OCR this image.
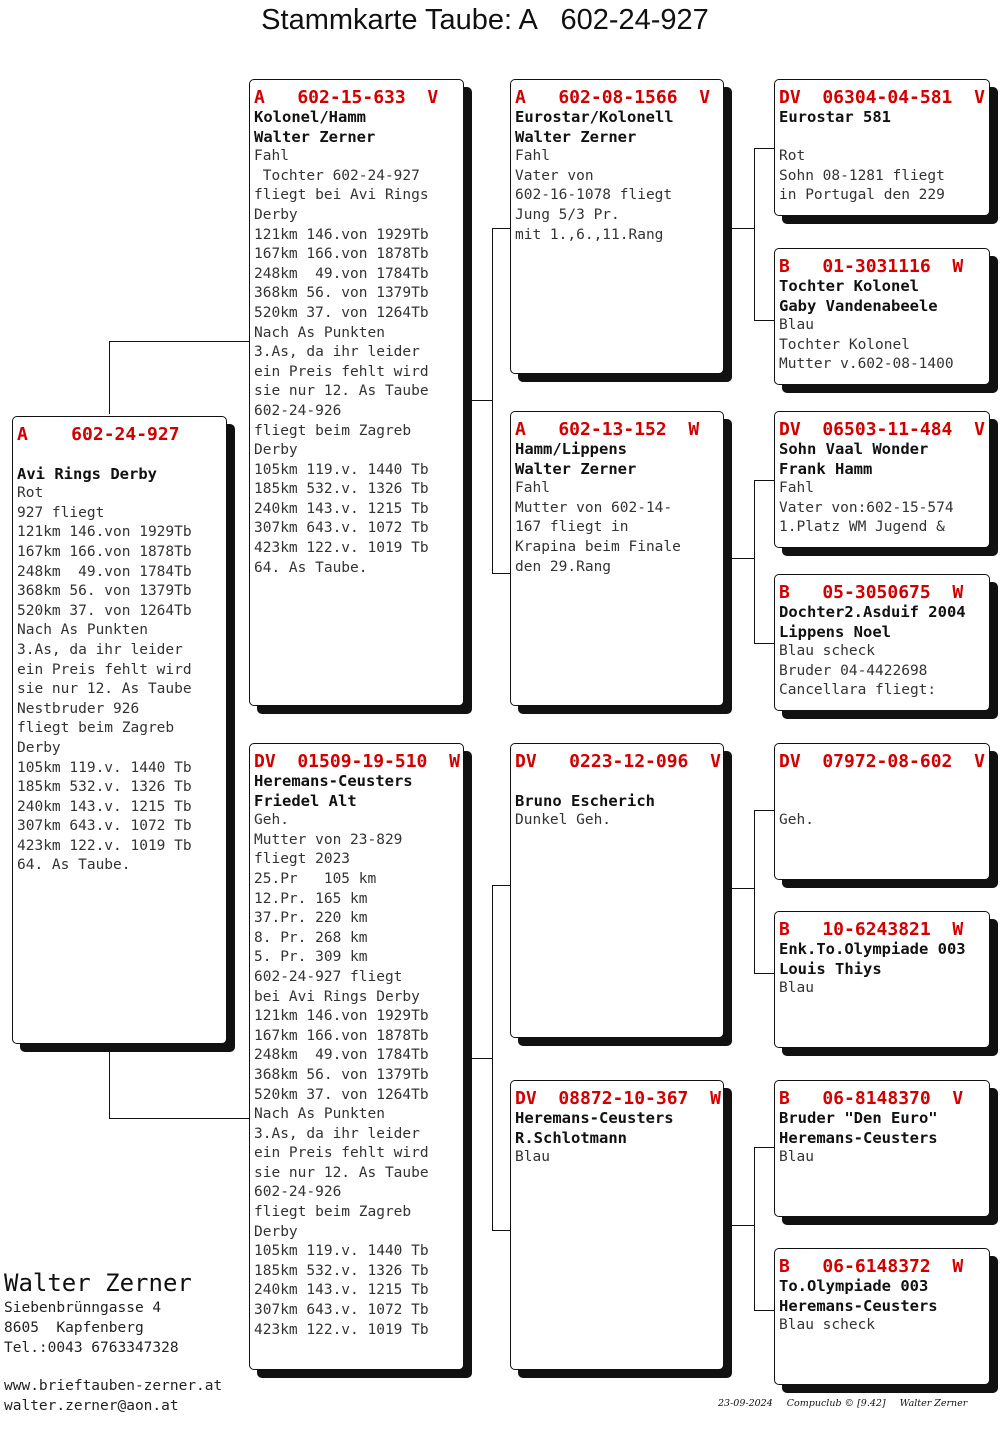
Stammkarte Taube: A   602-24-927
A    602-24-927

Avi Rings Derby
Rot
927 fliegt
121km 146.von 1929Tb
167km 166.von 1878Tb
248km  49.von 1784Tb
368km 56. von 1379Tb
520km 37. von 1264Tb
Nach As Punkten
3.As, da ihr leider
ein Preis fehlt wird
sie nur 12. As Taube
Nestbruder 926
fliegt beim Zagreb
Derby
105km 119.v. 1440 Tb
185km 532.v. 1326 Tb
240km 143.v. 1215 Tb
307km 643.v. 1072 Tb
423km 122.v. 1019 Tb
64. As Taube.
A   602-15-633  V
Kolonel/Hamm
Walter Zerner
Fahl
Tochter 602-24-927
fliegt bei Avi Rings
Derby
121km 146.von 1929Tb
167km 166.von 1878Tb
248km  49.von 1784Tb
368km 56. von 1379Tb
520km 37. von 1264Tb
Nach As Punkten
3.As, da ihr leider
ein Preis fehlt wird
sie nur 12. As Taube
602-24-926
fliegt beim Zagreb
Derby
105km 119.v. 1440 Tb
185km 532.v. 1326 Tb
240km 143.v. 1215 Tb
307km 643.v. 1072 Tb
423km 122.v. 1019 Tb
64. As Taube.
DV  01509-19-510  W
Heremans-Ceusters
Friedel Alt
Geh.
Mutter von 23-829
fliegt 2023
25.Pr   105 km
12.Pr. 165 km
37.Pr. 220 km
8. Pr. 268 km
5. Pr. 309 km
602-24-927 fliegt
bei Avi Rings Derby
121km 146.von 1929Tb
167km 166.von 1878Tb
248km  49.von 1784Tb
368km 56. von 1379Tb
520km 37. von 1264Tb
Nach As Punkten
3.As, da ihr leider
ein Preis fehlt wird
sie nur 12. As Taube
602-24-926
fliegt beim Zagreb
Derby
105km 119.v. 1440 Tb
185km 532.v. 1326 Tb
240km 143.v. 1215 Tb
307km 643.v. 1072 Tb
423km 122.v. 1019 Tb
A   602-08-1566  V
Eurostar/Kolonell
Walter Zerner
Fahl
Vater von
602-16-1078 fliegt
Jung 5/3 Pr.
mit 1.,6.,11.Rang
A   602-13-152  W
Hamm/Lippens
Walter Zerner
Fahl
Mutter von 602-14-
167 fliegt in
Krapina beim Finale
den 29.Rang
DV   0223-12-096  V

Bruno Escherich
Dunkel Geh.
DV  08872-10-367  W
Heremans-Ceusters
R.Schlotmann
Blau
DV  06304-04-581  V
Eurostar 581

Rot
Sohn 08-1281 fliegt
in Portugal den 229
B   01-3031116  W
Tochter Kolonel
Gaby Vandenabeele
Blau
Tochter Kolonel
Mutter v.602-08-1400
DV  06503-11-484  V
Sohn Vaal Wonder
Frank Hamm
Fahl
Vater von:602-15-574
1.Platz WM Jugend &
B   05-3050675  W
Dochter2.Asduif 2004
Lippens Noel
Blau scheck
Bruder 04-4422698
Cancellara fliegt:
DV  07972-08-602  V

Geh.
B   10-6243821  W
Enk.To.Olympiade 003
Louis Thiys
Blau
B   06-8148370  V
Bruder "Den Euro"
Heremans-Ceusters
Blau
B   06-6148372  W
To.Olympiade 003
Heremans-Ceusters
Blau scheck
Walter Zerner
Siebenbrünngasse 4
8605  Kapfenberg
Tel.:0043 6763347328
www.brieftauben-zerner.at
walter.zerner@aon.at	23-09-2024 Compuclub © [9.42] Walter Zerner
